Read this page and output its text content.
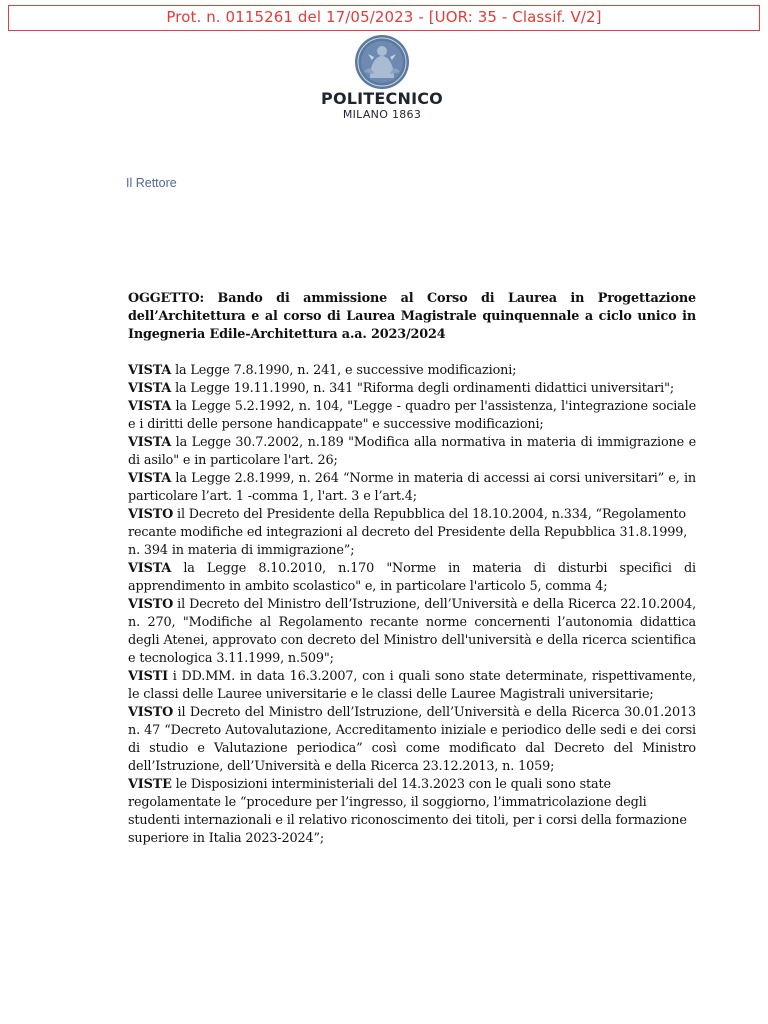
Prot. n. 0115261 del 17/05/2023 - [UOR: 35 - Classif. V/2]
POLITECNICO
MILANO 1863
Il Rettore

OGGETTO: Bando di ammissione al Corso di Laurea in Progettazione dell’Architettura e al corso di Laurea Magistrale quinquennale a ciclo unico in Ingegneria Edile-Architettura a.a. 2023/2024

VISTA la Legge 7.8.1990, n. 241, e successive modificazioni;

VISTA la Legge 19.11.1990, n. 341 "Riforma degli ordinamenti didattici universitari";

VISTA la Legge 5.2.1992, n. 104, "Legge - quadro per l'assistenza, l'integrazione sociale e i diritti delle persone handicappate" e successive modificazioni;

VISTA la Legge 30.7.2002, n.189 "Modifica alla normativa in materia di immigrazione e di asilo" e in particolare l'art. 26;

VISTA la Legge 2.8.1999, n. 264 “Norme in materia di accessi ai corsi universitari” e, in particolare l’art. 1 -comma 1, l'art. 3 e l’art.4;

VISTO il Decreto del Presidente della Repubblica del 18.10.2004, n.334, “Regolamento recante modifiche ed integrazioni al decreto del Presidente della Repubblica 31.8.1999, n. 394 in materia di immigrazione”;

VISTA la Legge 8.10.2010, n.170 "Norme in materia di disturbi specifici di apprendimento in ambito scolastico" e, in particolare l'articolo 5, comma 4;

VISTO il Decreto del Ministro dell’Istruzione, dell’Università e della Ricerca 22.10.2004, n. 270, "Modifiche al Regolamento recante norme concernenti l’autonomia didattica degli Atenei, approvato con decreto del Ministro dell'università e della ricerca scientifica e tecnologica 3.11.1999, n.509";

VISTI i DD.MM. in data 16.3.2007, con i quali sono state determinate, rispettivamente, le classi delle Lauree universitarie e le classi delle Lauree Magistrali universitarie;

VISTO il Decreto del Ministro dell’Istruzione, dell’Università e della Ricerca 30.01.2013 n. 47 “Decreto Autovalutazione, Accreditamento iniziale e periodico delle sedi e dei corsi di studio e Valutazione periodica” così come modificato dal Decreto del Ministro dell’Istruzione, dell’Università e della Ricerca 23.12.2013, n. 1059;

VISTE le Disposizioni interministeriali del 14.3.2023 con le quali sono state regolamentate le “procedure per l’ingresso, il soggiorno, l’immatricolazione degli studenti internazionali e il relativo riconoscimento dei titoli, per i corsi della formazione superiore in Italia 2023-2024”;
